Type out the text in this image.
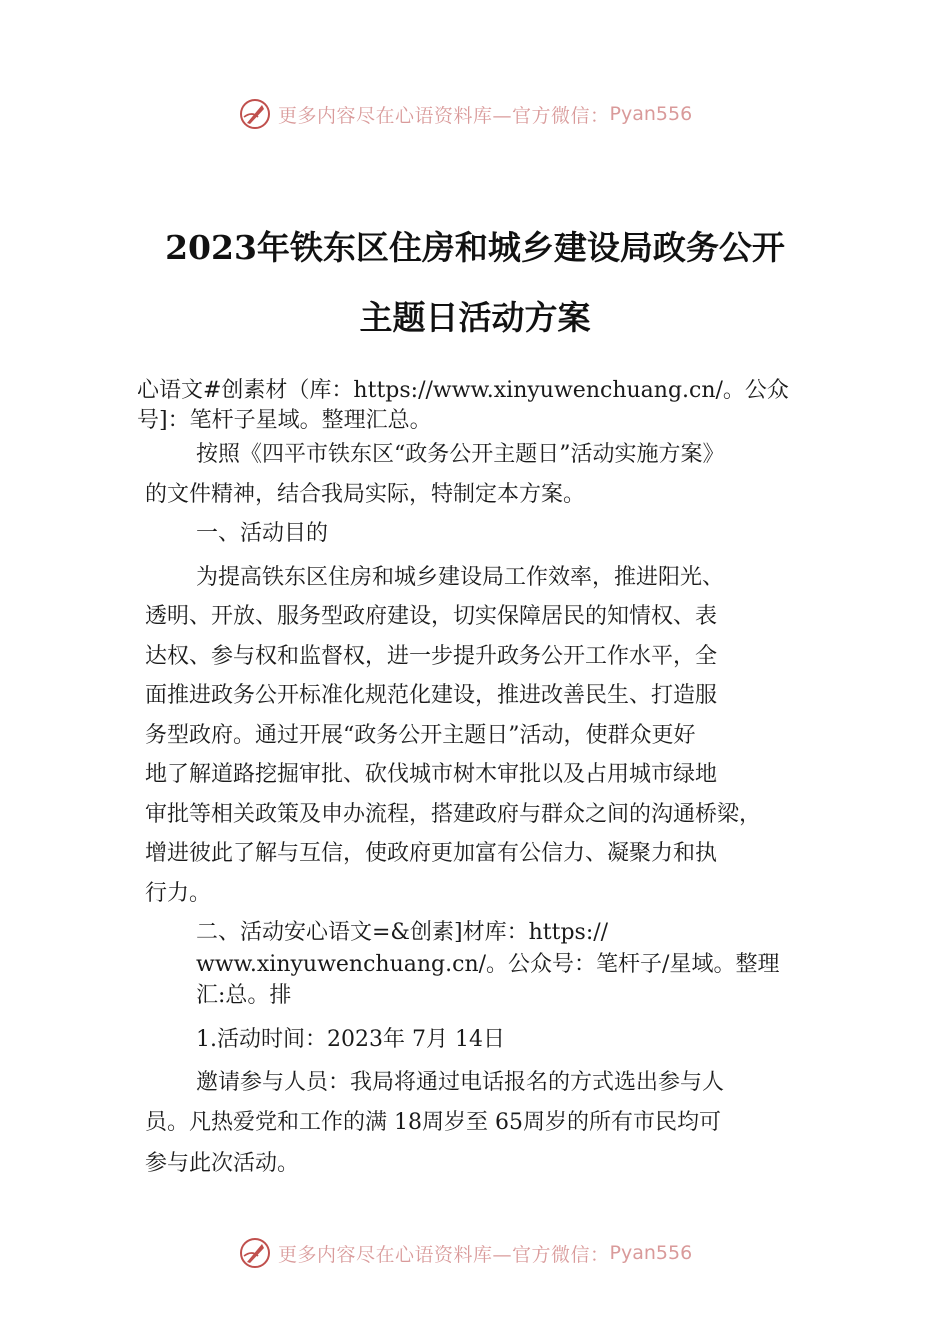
更多内容尽在心语资料库—官方微信： Pyan556
2023年铁东区住房和城乡建设局政务公开
主题日活动方案
心语文#创素材（库：https://www.xinyuwenchuang.cn/。公众
号]：笔杆子星域。整理汇总。
按照《四平市铁东区“政务公开主题日”活动实施方案》
的文件精神，结合我局实际，特制定本方案。
一、活动目的
为提高铁东区住房和城乡建设局工作效率，推进阳光、
透明、开放、服务型政府建设，切实保障居民的知情权、表
达权、参与权和监督权，进一步提升政务公开工作水平，全
面推进政务公开标准化规范化建设，推进改善民生、打造服
务型政府。通过开展“政务公开主题日”活动，使群众更好
地了解道路挖掘审批、砍伐城市树木审批以及占用城市绿地
审批等相关政策及申办流程，搭建政府与群众之间的沟通桥梁，
增进彼此了解与互信，使政府更加富有公信力、凝聚力和执
行力。
二、活动安心语文=&创素]材库：https://
www.xinyuwenchuang.cn/。公众号：笔杆子/星域。整理
汇:总。排
1.活动时间：2023年 7月 14日
邀请参与人员：我局将通过电话报名的方式选出参与人
员。凡热爱党和工作的满 18周岁至 65周岁的所有市民均可
参与此次活动。
更多内容尽在心语资料库—官方微信： Pyan556
